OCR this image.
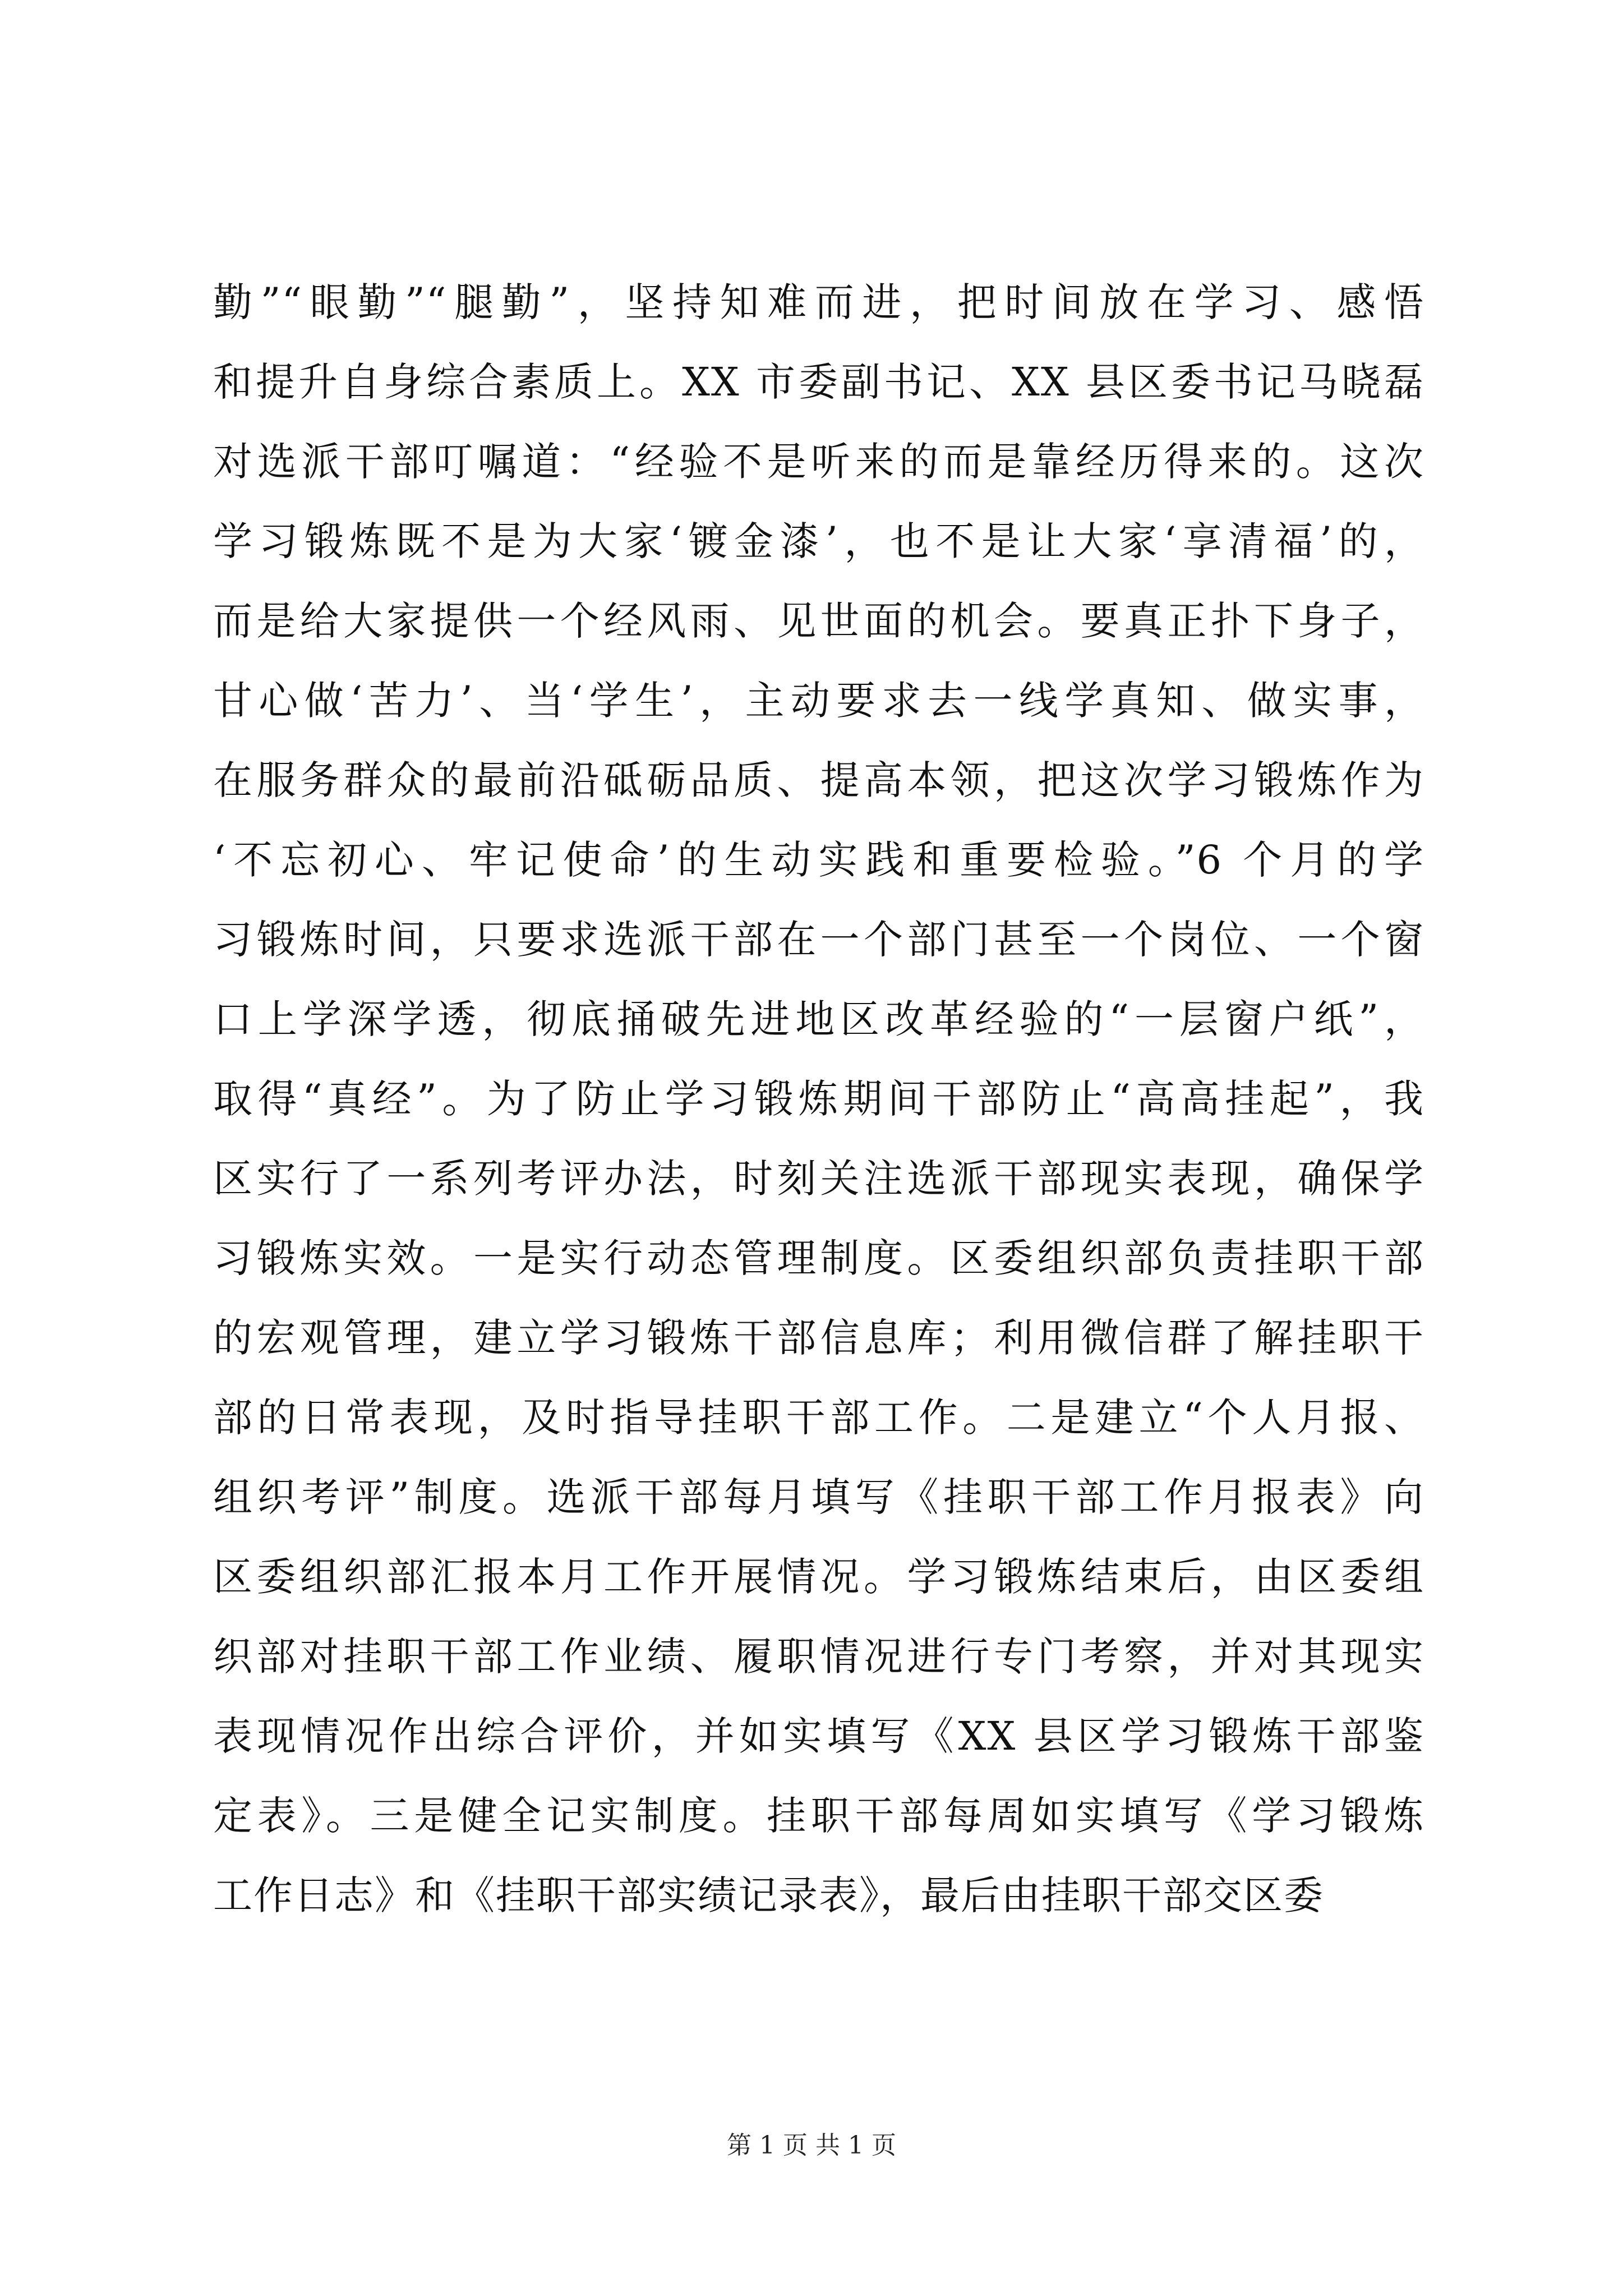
勤”“眼勤”“腿勤”，坚持知难而进，把时间放在学习、感悟
和提升自身综合素质上。XX 市委副书记、XX 县区委书记马晓磊
对选派干部叮嘱道：“经验不是听来的而是靠经历得来的。这次
学习锻炼既不是为大家‘镀金漆’，也不是让大家‘享清福’的，
而是给大家提供一个经风雨、见世面的机会。要真正扑下身子，
甘心做‘苦力’、当‘学生’，主动要求去一线学真知、做实事，
在服务群众的最前沿砥砺品质、提高本领，把这次学习锻炼作为
‘不忘初心、牢记使命’的生动实践和重要检验。”6 个月的学
习锻炼时间，只要求选派干部在一个部门甚至一个岗位、一个窗
口上学深学透，彻底捅破先进地区改革经验的“一层窗户纸”，
取得“真经”。为了防止学习锻炼期间干部防止“高高挂起”，我
区实行了一系列考评办法，时刻关注选派干部现实表现，确保学
习锻炼实效。一是实行动态管理制度。区委组织部负责挂职干部
的宏观管理，建立学习锻炼干部信息库；利用微信群了解挂职干
部的日常表现，及时指导挂职干部工作。二是建立“个人月报、
组织考评”制度。选派干部每月填写《挂职干部工作月报表》向
区委组织部汇报本月工作开展情况。学习锻炼结束后，由区委组
织部对挂职干部工作业绩、履职情况进行专门考察，并对其现实
表现情况作出综合评价，并如实填写《XX 县区学习锻炼干部鉴
定表》。三是健全记实制度。挂职干部每周如实填写《学习锻炼
工作日志》和《挂职干部实绩记录表》，最后由挂职干部交区委
第 1 页 共 1 页
